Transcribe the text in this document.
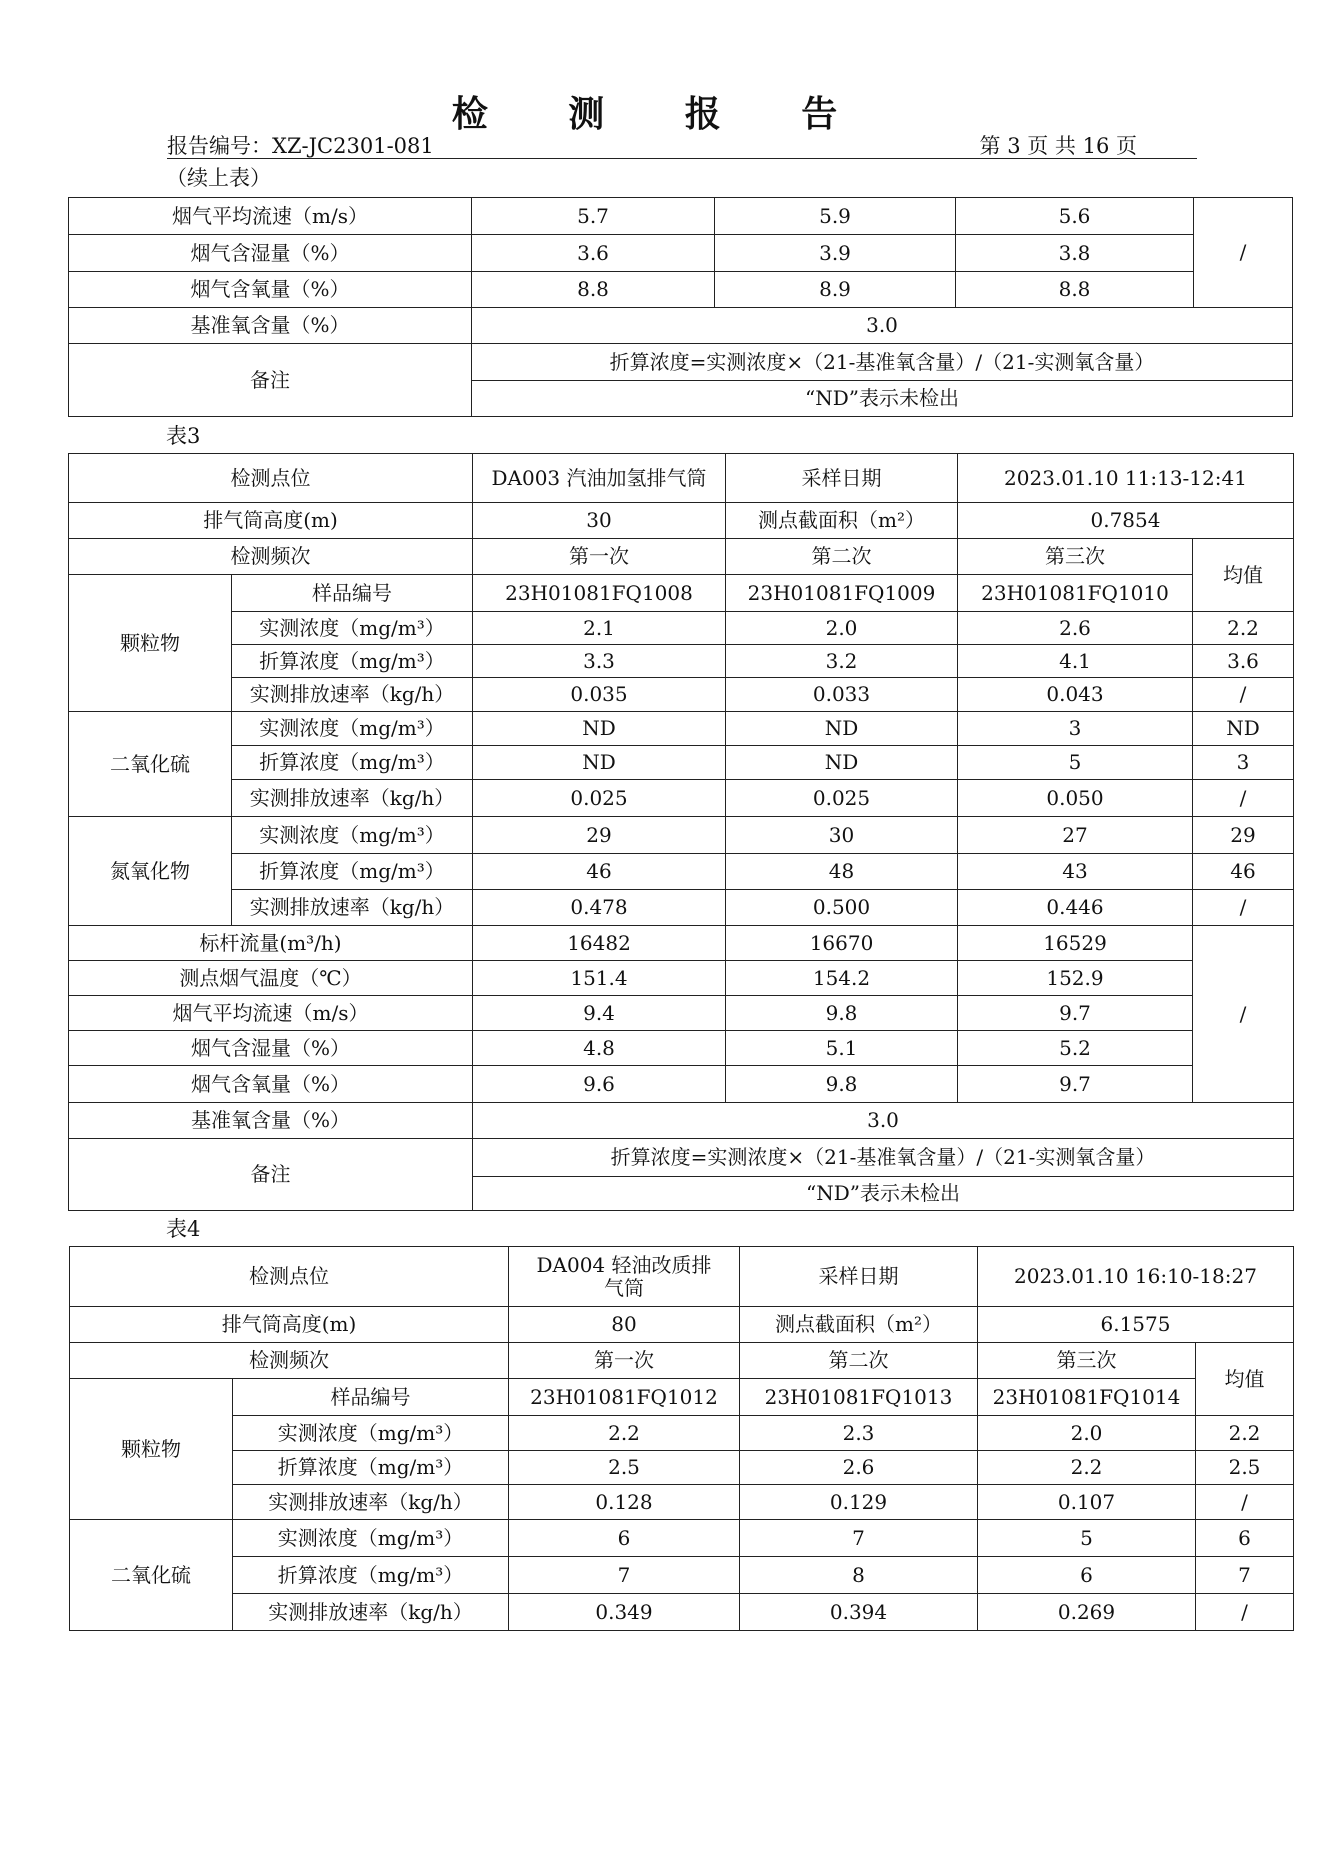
检 测 报 告
报告编号：XZ-JC2301-081	第 3 页 共 16 页
（续上表）
烟气平均流速（m/s）	5.7	5.9	5.6	/
烟气含湿量（%）	3.6	3.9	3.8	
烟气含氧量（%）	8.8	8.9	8.8	
基准氧含量（%）	3.0			
备注	折算浓度=实测浓度×（21-基准氧含量）/（21-实测氧含量）			
	“ND”表示未检出			
表3
检测点位		DA003 汽油加氢排气筒	采样日期	2023.01.10 11:13-12:41	
排气筒高度(m)		30	测点截面积（m²）	0.7854	
检测频次		第一次	第二次	第三次	均值
颗粒物	样品编号	23H01081FQ1008	23H01081FQ1009	23H01081FQ1010	
	实测浓度（mg/m³）	2.1	2.0	2.6	2.2
	折算浓度（mg/m³）	3.3	3.2	4.1	3.6
	实测排放速率（kg/h）	0.035	0.033	0.043	/
二氧化硫	实测浓度（mg/m³）	ND	ND	3	ND
	折算浓度（mg/m³）	ND	ND	5	3
	实测排放速率（kg/h）	0.025	0.025	0.050	/
氮氧化物	实测浓度（mg/m³）	29	30	27	29
	折算浓度（mg/m³）	46	48	43	46
	实测排放速率（kg/h）	0.478	0.500	0.446	/
标杆流量(m³/h)		16482	16670	16529	/
测点烟气温度（℃）		151.4	154.2	152.9	
烟气平均流速（m/s）		9.4	9.8	9.7	
烟气含湿量（%）		4.8	5.1	5.2	
烟气含氧量（%）		9.6	9.8	9.7	
基准氧含量（%）		3.0			
备注		折算浓度=实测浓度×（21-基准氧含量）/（21-实测氧含量）			
		“ND”表示未检出			
表4
检测点位		DA004 轻油改质排气筒	采样日期	2023.01.10 16:10-18:27	
排气筒高度(m)		80	测点截面积（m²）	6.1575	
检测频次		第一次	第二次	第三次	均值
颗粒物	样品编号	23H01081FQ1012	23H01081FQ1013	23H01081FQ1014	
	实测浓度（mg/m³）	2.2	2.3	2.0	2.2
	折算浓度（mg/m³）	2.5	2.6	2.2	2.5
	实测排放速率（kg/h）	0.128	0.129	0.107	/
二氧化硫	实测浓度（mg/m³）	6	7	5	6
	折算浓度（mg/m³）	7	8	6	7
	实测排放速率（kg/h）	0.349	0.394	0.269	/
